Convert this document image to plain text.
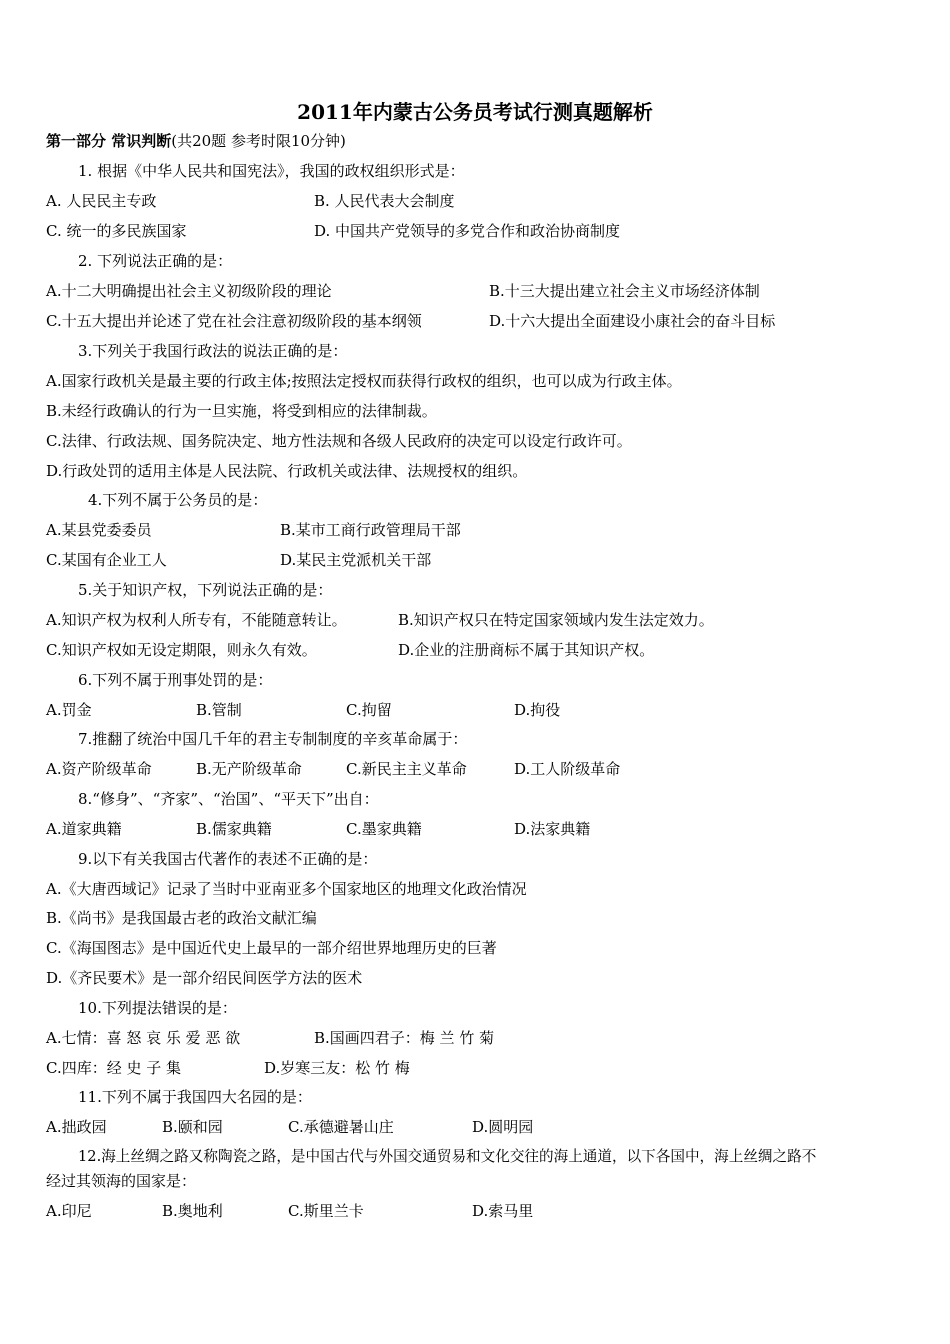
2011年内蒙古公务员考试行测真题解析
第一部分 常识判断(共20题 参考时限10分钟)
1. 根据《中华人民共和国宪法》，我国的政权组织形式是：
A. 人民民主专政	B. 人民代表大会制度
C. 统一的多民族国家	D. 中国共产党领导的多党合作和政治协商制度
2. 下列说法正确的是：
A.十二大明确提出社会主义初级阶段的理论	B.十三大提出建立社会主义市场经济体制
C.十五大提出并论述了党在社会注意初级阶段的基本纲领	D.十六大提出全面建设小康社会的奋斗目标
3.下列关于我国行政法的说法正确的是：
A.国家行政机关是最主要的行政主体;按照法定授权而获得行政权的组织，也可以成为行政主体。
B.未经行政确认的行为一旦实施，将受到相应的法律制裁。
C.法律、行政法规、国务院决定、地方性法规和各级人民政府的决定可以设定行政许可。
D.行政处罚的适用主体是人民法院、行政机关或法律、法规授权的组织。
4.下列不属于公务员的是：
A.某县党委委员	B.某市工商行政管理局干部
C.某国有企业工人	D.某民主党派机关干部
5.关于知识产权，下列说法正确的是：
A.知识产权为权利人所专有，不能随意转让。	B.知识产权只在特定国家领域内发生法定效力。
C.知识产权如无设定期限，则永久有效。	D.企业的注册商标不属于其知识产权。
6.下列不属于刑事处罚的是：
A.罚金	B.管制	C.拘留	D.拘役
7.推翻了统治中国几千年的君主专制制度的辛亥革命属于：
A.资产阶级革命	B.无产阶级革命	C.新民主主义革命	D.工人阶级革命
8.“修身”、“齐家”、“治国”、“平天下”出自：
A.道家典籍	B.儒家典籍	C.墨家典籍	D.法家典籍
9.以下有关我国古代著作的表述不正确的是：
A.《大唐西域记》记录了当时中亚南亚多个国家地区的地理文化政治情况
B.《尚书》是我国最古老的政治文献汇编
C.《海国图志》是中国近代史上最早的一部介绍世界地理历史的巨著
D.《齐民要术》是一部介绍民间医学方法的医术
10.下列提法错误的是：
A.七情：喜 怒 哀 乐 爱 恶 欲	B.国画四君子：梅 兰 竹 菊
C.四库：经 史 子 集	D.岁寒三友：松 竹 梅
11.下列不属于我国四大名园的是：
A.拙政园	B.颐和园	C.承德避暑山庄	D.圆明园
12.海上丝绸之路又称陶瓷之路，是中国古代与外国交通贸易和文化交往的海上通道，以下各国中，海上丝绸之路不
经过其领海的国家是：
A.印尼	B.奥地利	C.斯里兰卡	D.索马里
